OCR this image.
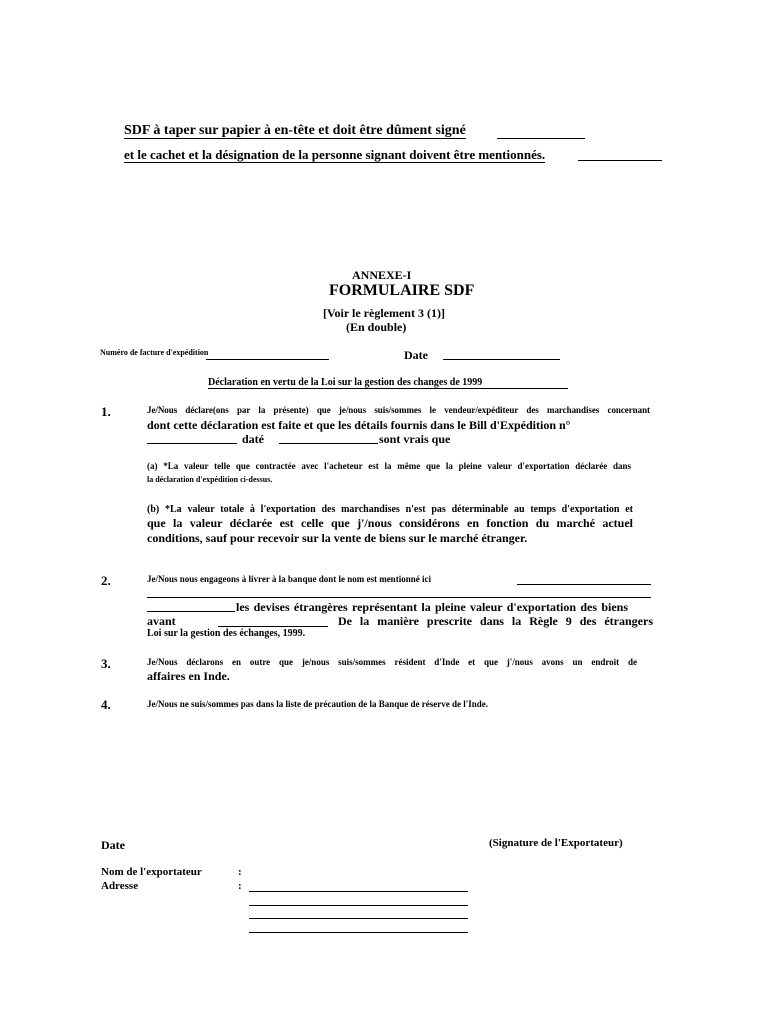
SDF à taper sur papier à en-tête et doit être dûment signé
et le cachet et la désignation de la personne signant doivent être mentionnés.
ANNEXE-I
FORMULAIRE SDF
[Voir le règlement 3 (1)]
(En double)
Numéro de facture d'expédition	Date
Déclaration en vertu de la Loi sur la gestion des changes de 1999
1.	Je/Nous déclare(ons par la présente) que je/nous suis/sommes le vendeur/expéditeur des marchandises concernant
dont cette déclaration est faite et que les détails fournis dans le Bill d'Expédition n°
daté	sont vrais que
(a) *La valeur telle que contractée avec l'acheteur est la même que la pleine valeur d'exportation déclarée dans
la déclaration d'expédition ci-dessus.
(b) *La valeur totale à l'exportation des marchandises n'est pas déterminable au temps d'exportation et
que la valeur déclarée est celle que j'/nous considérons en fonction du marché actuel
conditions, sauf pour recevoir sur la vente de biens sur le marché étranger.
2.	Je/Nous nous engageons à livrer à la banque dont le nom est mentionné ici
les devises étrangères représentant la pleine valeur d'exportation des biens
avant	De la manière prescrite dans la Règle 9 des étrangers
Loi sur la gestion des échanges, 1999.
3.	Je/Nous déclarons en outre que je/nous suis/sommes résident d'Inde et que j'/nous avons un endroit de
affaires en Inde.
4.	Je/Nous ne suis/sommes pas dans la liste de précaution de la Banque de réserve de l'Inde.
Date	(Signature de l'Exportateur)
Nom de l'exportateur	:
Adresse	:
